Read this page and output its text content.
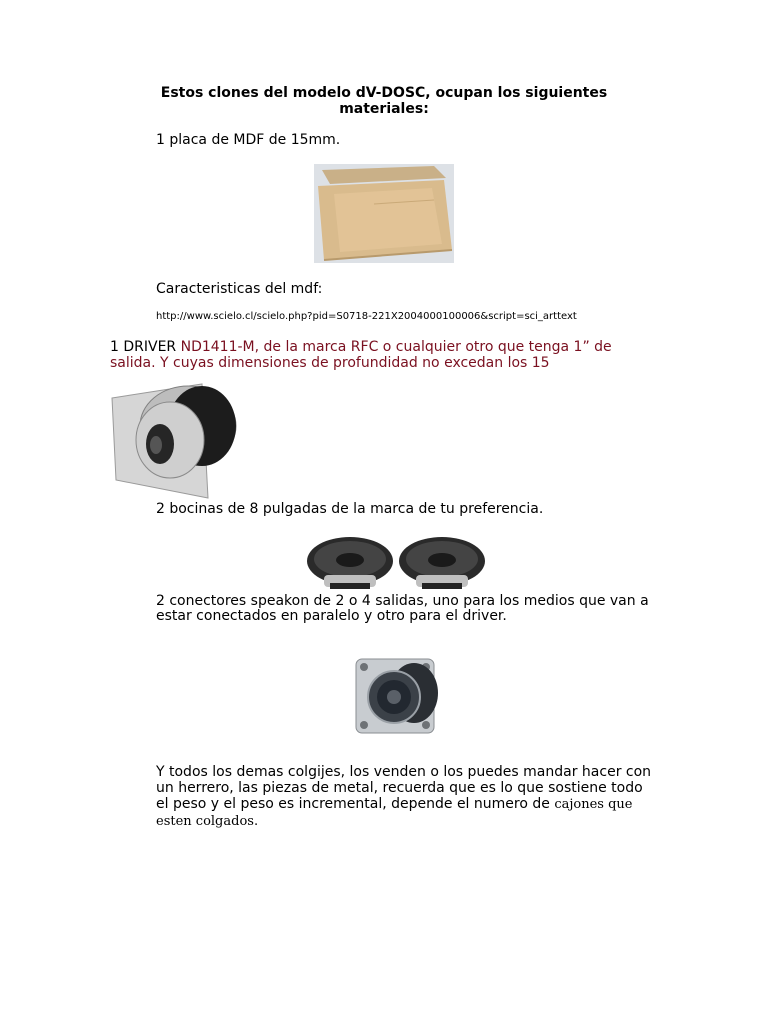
Estos clones del modelo dV-DOSC, ocupan los siguientes materiales:
1 placa de MDF de 15mm.
Caracteristicas del mdf:
http://www.scielo.cl/scielo.php?pid=S0718-221X2004000100006&script=sci_arttext
1 DRIVER ND1411-M, de la marca RFC o cualquier otro que tenga 1” de
salida. Y cuyas dimensiones de profundidad no excedan los 15
2 bocinas de 8 pulgadas de la marca de tu preferencia.
2 conectores speakon de 2 o 4 salidas, uno para los medios que van a
estar conectados en paralelo y otro para el driver.
Y todos los demas colgijes, los venden o los puedes mandar hacer con
un herrero, las piezas de metal, recuerda que es lo que sostiene todo
el peso y el peso es incremental, depende el numero de cajones que
esten colgados.
